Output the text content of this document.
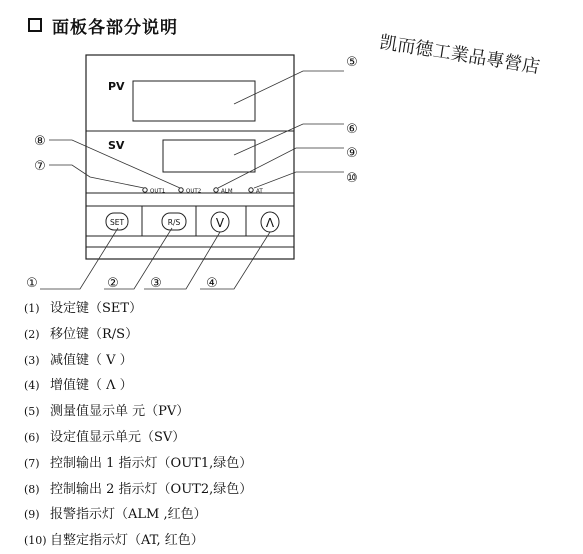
面板各部分说明
凯而德工業品專營店
PV
SV
OUT1	OUT2	ALM	AT
SET	R/S	V	Λ
⑤
⑥
⑨
⑩
⑧
⑦
①	② ③	④
(1) 设定键（SET）
(2) 移位键（R/S）
(3) 减值键（ V ）
(4) 增值键（ Λ ）
(5) 测量值显示单 元（PV）
(6) 设定值显示单元（SV）
(7) 控制输出 1 指示灯（OUT1,绿色）
(8) 控制输出 2 指示灯（OUT2,绿色）
(9) 报警指示灯（ALM ,红色）
(10) 自整定指示灯（AT, 红色）
